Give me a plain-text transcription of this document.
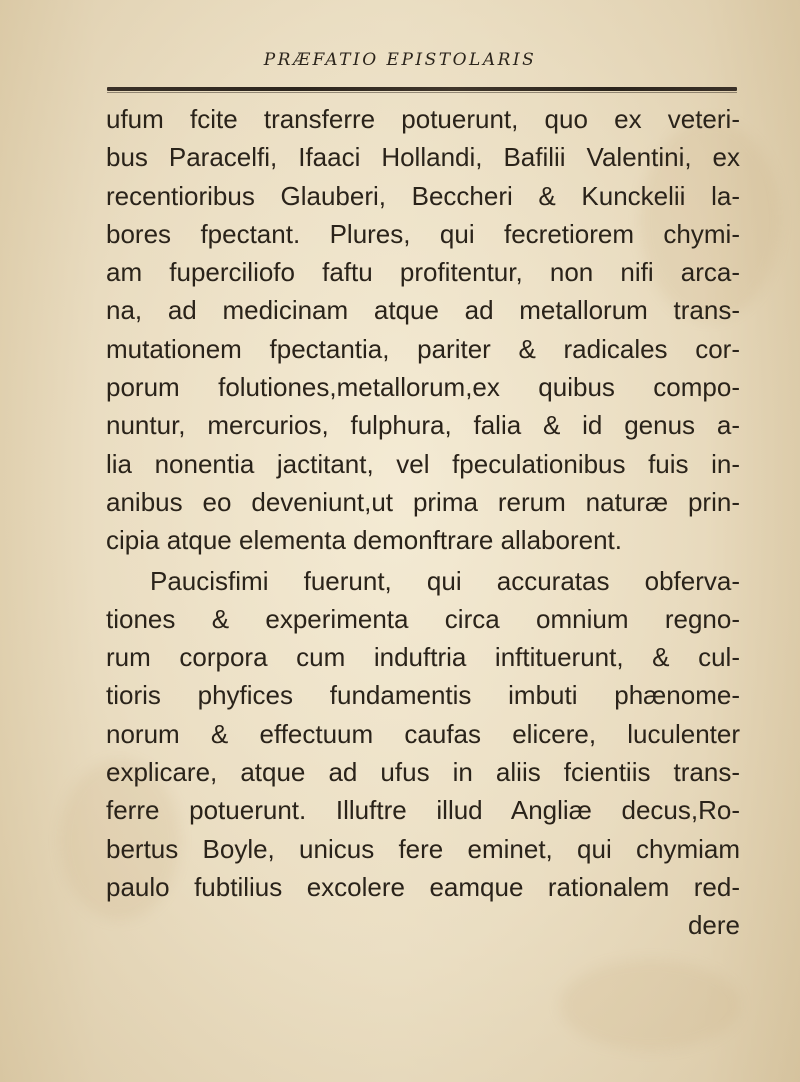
PRÆFATIO EPISTOLARIS
ufum fcite transferre potuerunt, quo ex veteri-
bus Paracelfi, Ifaaci Hollandi, Bafilii Valentini, ex
recentioribus Glauberi, Beccheri & Kunckelii la-
bores fpectant. Plures, qui fecretiorem chymi-
am fuperciliofo faftu profitentur, non nifi arca-
na, ad medicinam atque ad metallorum trans-
mutationem fpectantia, pariter & radicales cor-
porum folutiones,metallorum,ex quibus compo-
nuntur, mercurios, fulphura, falia & id genus a-
lia nonentia jactitant, vel fpeculationibus fuis in-
anibus eo deveniunt,ut prima rerum naturæ prin-
cipia atque elementa demonftrare allaborent.
Paucisfimi fuerunt, qui accuratas obferva-
tiones & experimenta circa omnium regno-
rum corpora cum induftria inftituerunt, & cul-
tioris phyfices fundamentis imbuti phænome-
norum & effectuum caufas elicere, luculenter
explicare, atque ad ufus in aliis fcientiis trans-
ferre potuerunt. Illuftre illud Angliæ decus,Ro-
bertus Boyle, unicus fere eminet, qui chymiam
paulo fubtilius excolere eamque rationalem red-
dere
